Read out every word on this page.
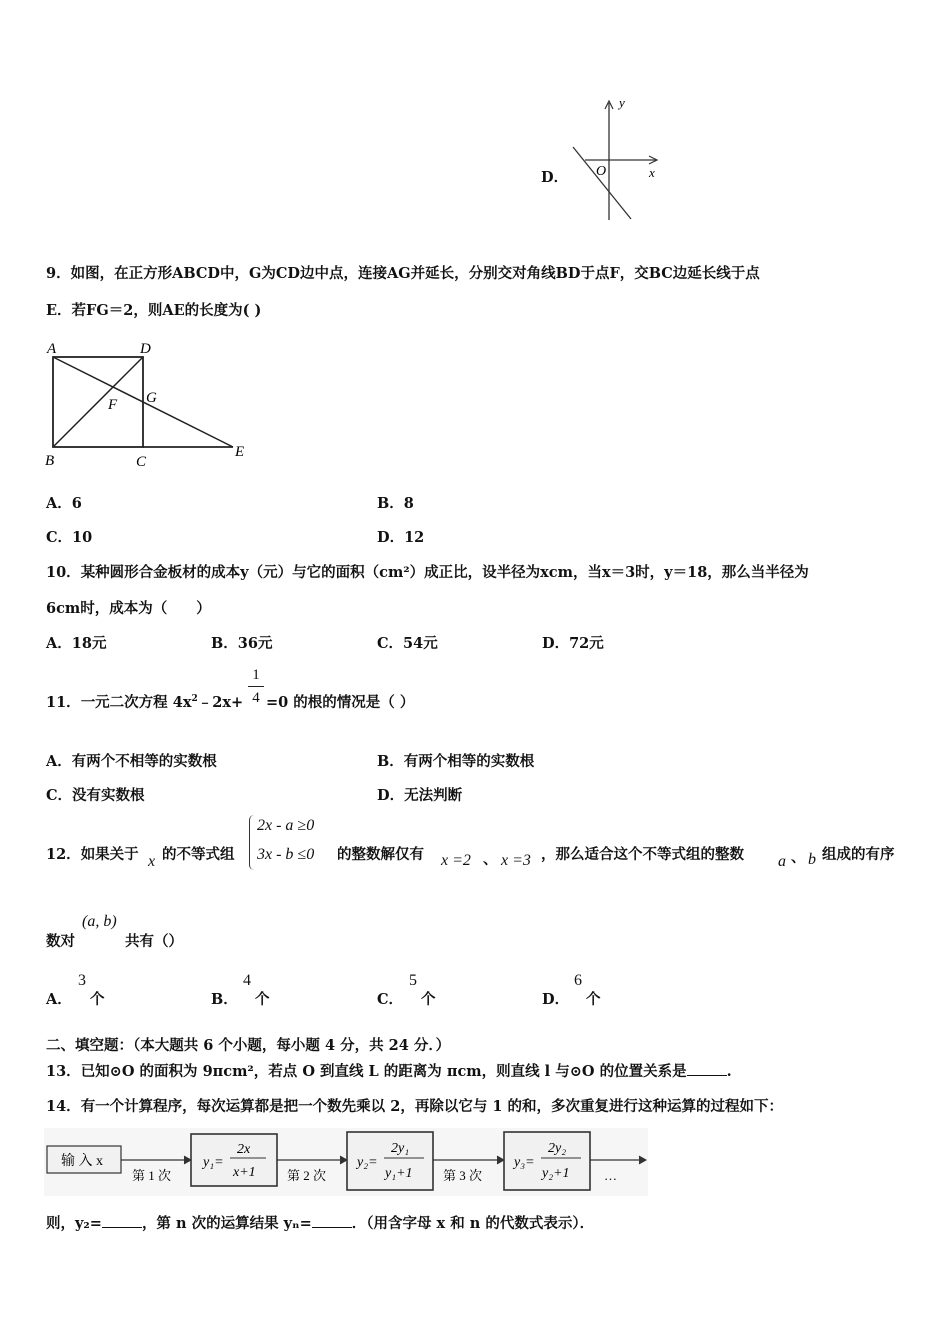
D．
y
x
O
9．如图，在正方形ABCD中，G为CD边中点，连接AG并延长，分别交对角线BD于点F，交BC边延长线于点
E．若FG＝2，则AE的长度为( )
A	D
B	C
E
F G
A．6	B．8
C．10	D．12
10．某种圆形合金板材的成本y（元）与它的面积（cm²）成正比，设半径为xcm，当x＝3时，y＝18，那么当半径为
6cm时，成本为（　　）
A．18元	B．36元	C．54元	D．72元
11．一元二次方程 $4x^2﹣2x+$
1
4 =0 的根的情况是（ ）
A．有两个不相等的实数根	B．有两个相等的实数根
C．没有实数根	D．无法判断
12．如果关于 x 的不等式组
2x - a ≥0
3x - b ≤0 的整数解仅有 x =2 、 x =3 ，那么适合这个不等式组的整数 a 、 b 组成的有序
数对
(a, b)
共有（）
A．
3
个	B．
4
个	C．
5
个	D．
6
个
二、填空题：（本大题共 6 个小题，每小题 4 分，共 24 分．）
13．已知⊙O 的面积为 9πcm²，若点 O 到直线 L 的距离为 πcm，则直线 l 与⊙O 的位置关系是	.
14．有一个计算程序，每次运算都是把一个数先乘以 2，再除以它与 1 的和，多次重复进行这种运算的过程如下：
输 入 x
第 1 次
y₁=
2x
x+1 第 2 次
y₂=
2y₁
y₁+1 第 3 次
y₃=
2y₂
y₂+1	…
则，y₂=	，第 n 次的运算结果 yₙ=	．（用含字母 x 和 n 的代数式表示）．
